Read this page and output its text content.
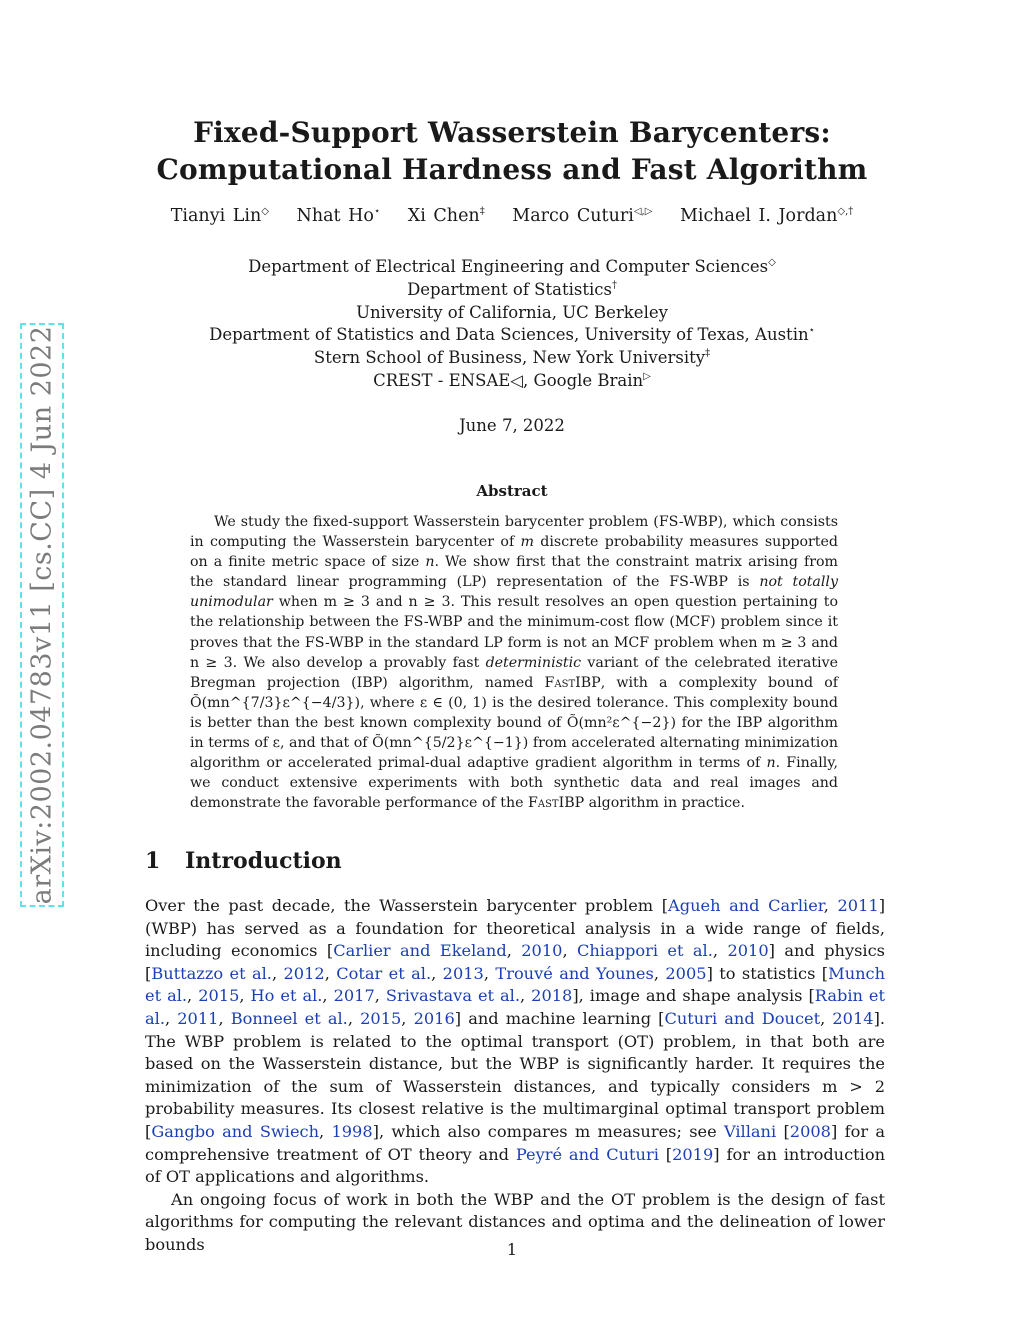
arXiv:2002.04783v11 [cs.CC] 4 Jun 2022
Fixed-Support Wasserstein Barycenters:
Computational Hardness and Fast Algorithm
Tianyi Lin◇ Nhat Ho⋆ Xi Chen‡ Marco Cuturi◁,▷ Michael I. Jordan◇,†
Department of Electrical Engineering and Computer Sciences◇
Department of Statistics†
University of California, UC Berkeley
Department of Statistics and Data Sciences, University of Texas, Austin⋆
Stern School of Business, New York University‡
CREST - ENSAE◁, Google Brain▷
June 7, 2022
Abstract

We study the fixed-support Wasserstein barycenter problem (FS-WBP), which consists in computing the Wasserstein barycenter of m discrete probability measures supported on a finite metric space of size n. We show first that the constraint matrix arising from the standard linear programming (LP) representation of the FS-WBP is not totally unimodular when m ≥ 3 and n ≥ 3. This result resolves an open question pertaining to the relationship between the FS-WBP and the minimum-cost flow (MCF) problem since it proves that the FS-WBP in the standard LP form is not an MCF problem when m ≥ 3 and n ≥ 3. We also develop a provably fast deterministic variant of the celebrated iterative Bregman projection (IBP) algorithm, named FastIBP, with a complexity bound of Õ(mn^{7/3}ε^{−4/3}), where ε ∈ (0, 1) is the desired tolerance. This complexity bound is better than the best known complexity bound of Õ(mn²ε^{−2}) for the IBP algorithm in terms of ε, and that of Õ(mn^{5/2}ε^{−1}) from accelerated alternating minimization algorithm or accelerated primal-dual adaptive gradient algorithm in terms of n. Finally, we conduct extensive experiments with both synthetic data and real images and demonstrate the favorable performance of the FastIBP algorithm in practice.

1 Introduction

Over the past decade, the Wasserstein barycenter problem [Agueh and Carlier, 2011] (WBP) has served as a foundation for theoretical analysis in a wide range of fields, including economics [Carlier and Ekeland, 2010, Chiappori et al., 2010] and physics [Buttazzo et al., 2012, Cotar et al., 2013, Trouvé and Younes, 2005] to statistics [Munch et al., 2015, Ho et al., 2017, Srivastava et al., 2018], image and shape analysis [Rabin et al., 2011, Bonneel et al., 2015, 2016] and machine learning [Cuturi and Doucet, 2014]. The WBP problem is related to the optimal transport (OT) problem, in that both are based on the Wasserstein distance, but the WBP is significantly harder. It requires the minimization of the sum of Wasserstein distances, and typically considers m > 2 probability measures. Its closest relative is the multimarginal optimal transport problem [Gangbo and Swiech, 1998], which also compares m measures; see Villani [2008] for a comprehensive treatment of OT theory and Peyré and Cuturi [2019] for an introduction of OT applications and algorithms.

An ongoing focus of work in both the WBP and the OT problem is the design of fast algorithms for computing the relevant distances and optima and the delineation of lower bounds	1
